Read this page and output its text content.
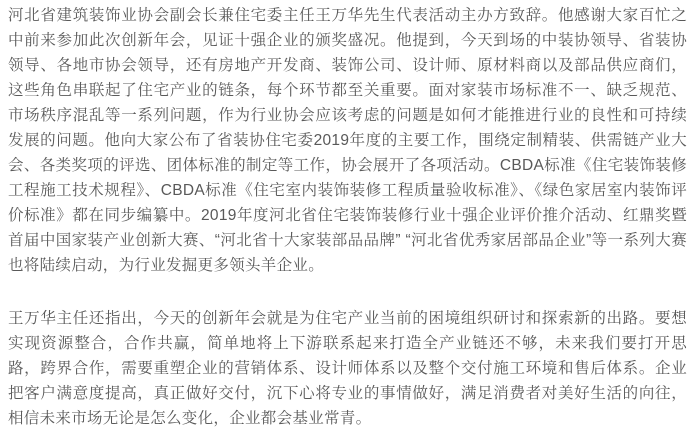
河北省建筑装饰业协会副会长兼住宅委主任王万华先生代表活动主办方致辞。他感谢大家百忙之中前来参加此次创新年会，见证十强企业的颁奖盛况。他提到，今天到场的中装协领导、省装协领导、各地市协会领导，还有房地产开发商、装饰公司、设计师、原材料商以及部品供应商们，这些角色串联起了住宅产业的链条，每个环节都至关重要。面对家装市场标准不一、缺乏规范、市场秩序混乱等一系列问题，作为行业协会应该考虑的问题是如何才能推进行业的良性和可持续发展的问题。他向大家公布了省装协住宅委2019年度的主要工作，围绕定制精装、供需链产业大会、各类奖项的评选、团体标准的制定等工作，协会展开了各项活动。CBDA标准《住宅装饰装修工程施工技术规程》、CBDA标准《住宅室内装饰装修工程质量验收标准》、《绿色家居室内装饰评价标准》都在同步编纂中。2019年度河北省住宅装饰装修行业十强企业评价推介活动、红鼎奖暨首届中国家装产业创新大赛、“河北省十大家装部品品牌” “河北省优秀家居部品企业”等一系列大赛也将陆续启动，为行业发掘更多领头羊企业。

王万华主任还指出，今天的创新年会就是为住宅产业当前的困境组织研讨和探索新的出路。要想实现资源整合，合作共赢，简单地将上下游联系起来打造全产业链还不够，未来我们要打开思路，跨界合作，需要重塑企业的营销体系、设计师体系以及整个交付施工环境和售后体系。企业把客户满意度提高，真正做好交付，沉下心将专业的事情做好，满足消费者对美好生活的向往，相信未来市场无论是怎么变化，企业都会基业常青。
